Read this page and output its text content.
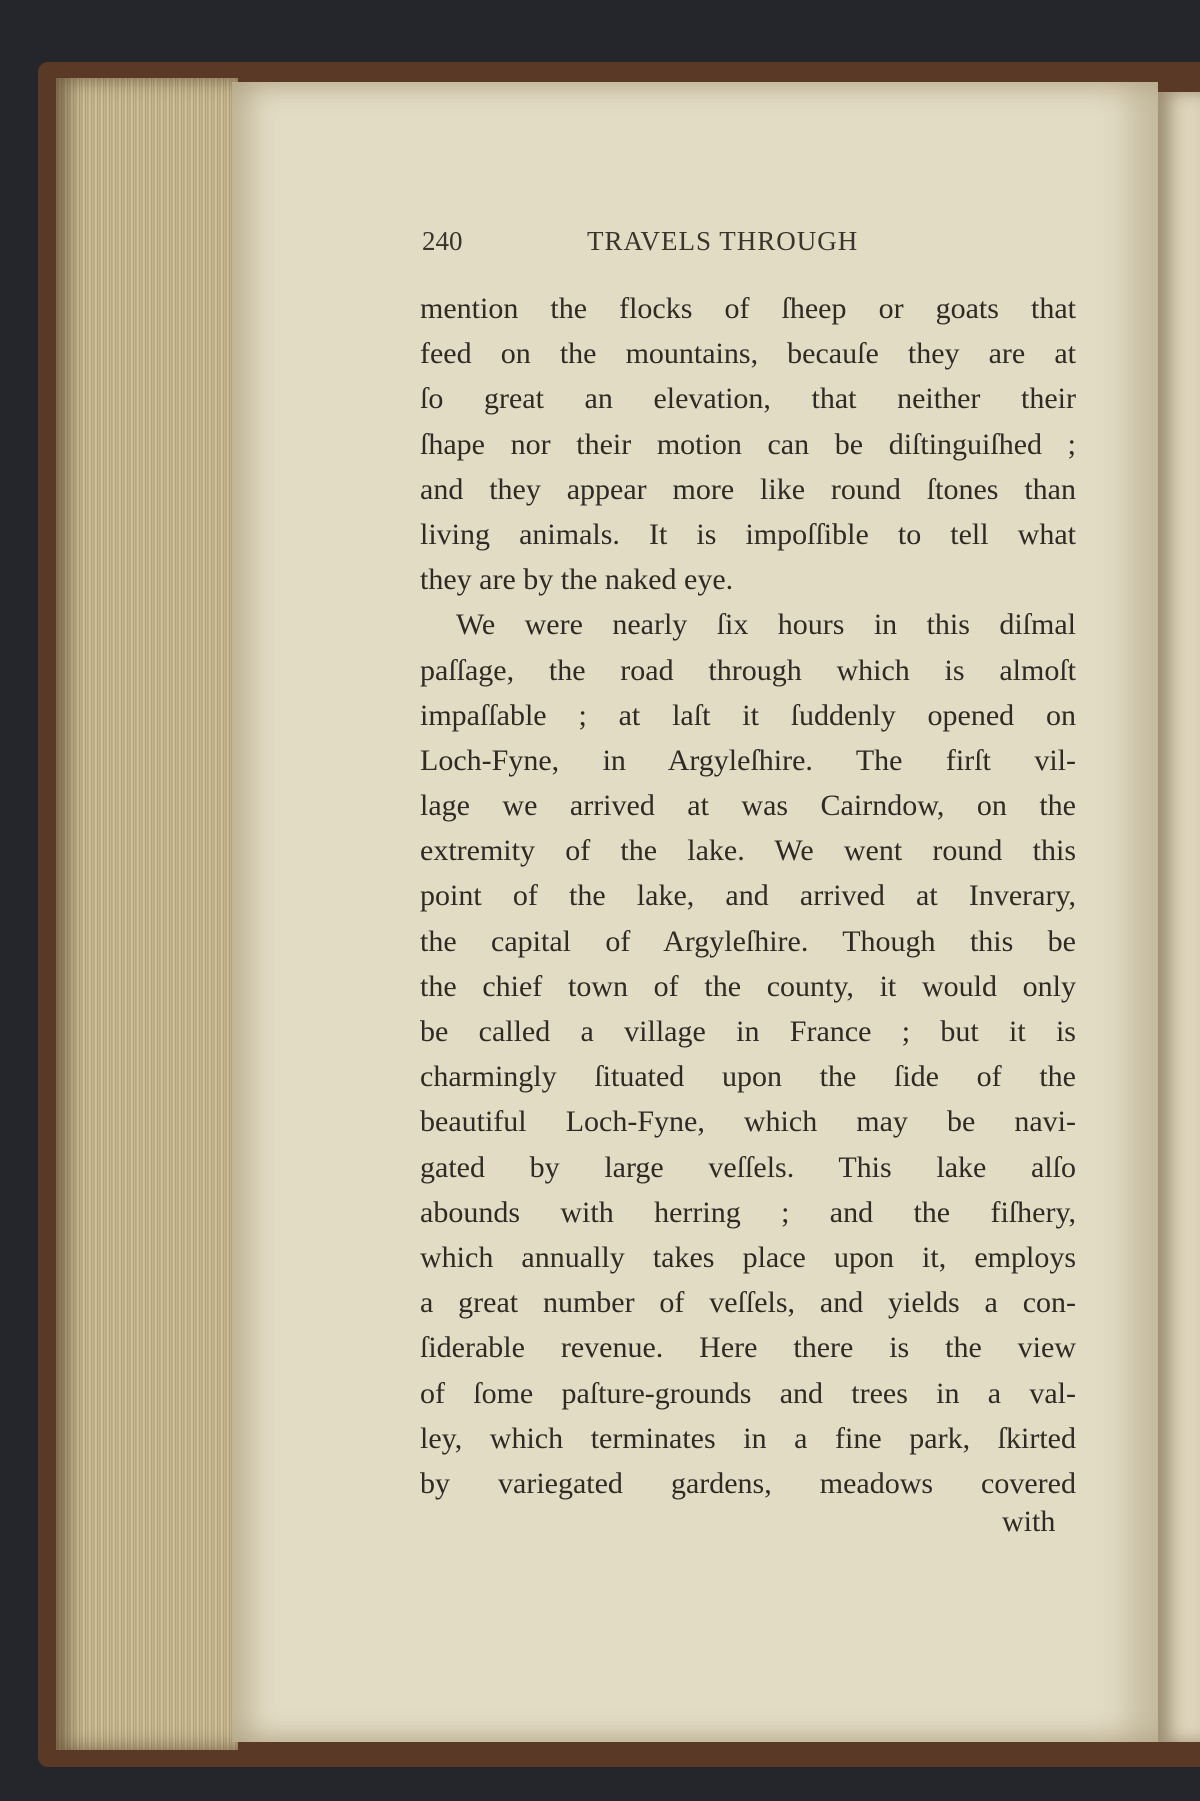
240	TRAVELS THROUGH
mention the flocks of ſheep or goats that
feed on the mountains, becauſe they are at
ſo great an elevation, that neither their
ſhape nor their motion can be diſtinguiſhed ;
and they appear more like round ſtones than
living animals. It is impoſſible to tell what
they are by the naked eye.
We were nearly ſix hours in this diſmal
paſſage, the road through which is almoſt
impaſſable ; at laſt it ſuddenly opened on
Loch-Fyne, in Argyleſhire. The firſt vil-
lage we arrived at was Cairndow, on the
extremity of the lake. We went round this
point of the lake, and arrived at Inverary,
the capital of Argyleſhire. Though this be
the chief town of the county, it would only
be called a village in France ; but it is
charmingly ſituated upon the ſide of the
beautiful Loch-Fyne, which may be navi-
gated by large veſſels. This lake alſo
abounds with herring ; and the fiſhery,
which annually takes place upon it, employs
a great number of veſſels, and yields a con-
ſiderable revenue. Here there is the view
of ſome paſture-grounds and trees in a val-
ley, which terminates in a fine park, ſkirted
by variegated gardens, meadows covered
with
